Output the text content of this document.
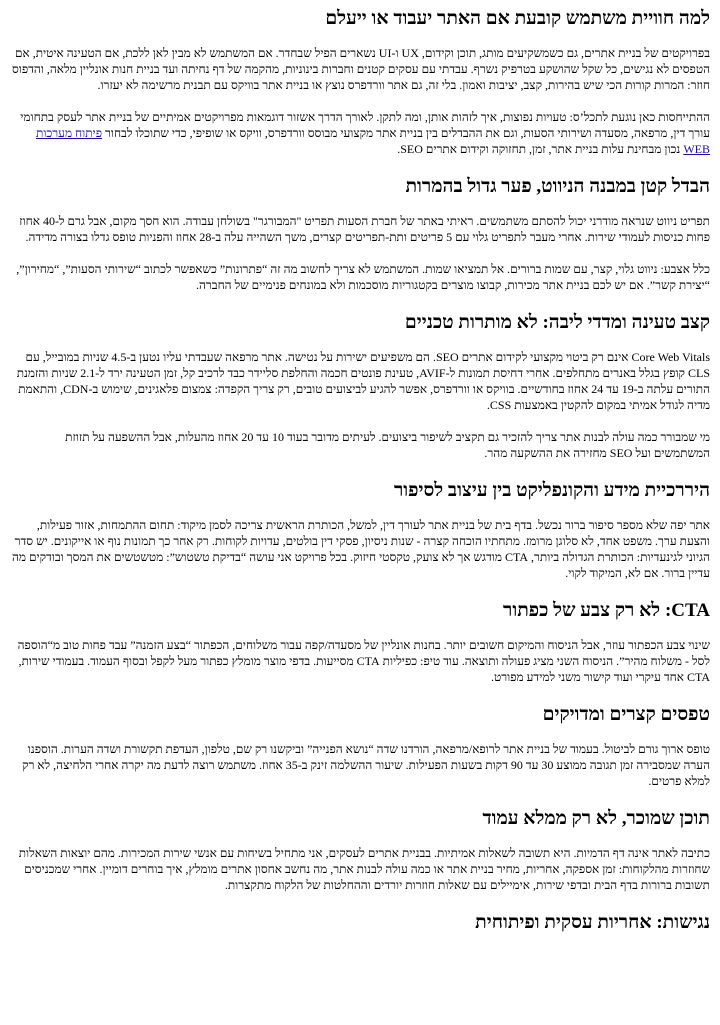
למה חוויית משתמש קובעת אם האתר יעבוד או ייעלם

בפרויקטים של בניית אתרים, גם כשמשקיעים מותג, תוכן וקידום, UX ו-UI נשארים הפיל שבחדר. אם המשתמש לא מבין לאן ללכת, אם הטעינה איטית, אם הטפסים לא נגישים, כל שקל שהושקע בטרפיק נשרף. עבדתי עם עסקים קטנים וחברות בינוניות, מהקמה של דף נחיתה ועד בניית חנות אונליין מלאה, והדפוס חוזר: המרות קורות הכי שיש בהירות, קצב, יציבות ואמון. בלי זה, גם אתר וורדפרס נוצץ או בניית אתר בוויקס עם תבנית מרשימה לא יעזרו.

ההתייחסות כאן נוגעת לתכל’ס: טעויות נפוצות, איך לזהות אותן, ומה לתקן. לאורך הדרך אשזור דוגמאות מפרויקטים אמיתיים של בניית אתר לעסק בתחומי עורך דין, מרפאה, מסעדה ושירותי הסעות, וגם את ההבדלים בין בניית אתר מקצועי מבוסס וורדפרס, וויקס או שופיפי, כדי שתוכלו לבחור פיתוח מערכות WEB נכון מבחינת עלות בניית אתר, זמן, תחזוקה וקידום אתרים SEO.

הבדל קטן במבנה הניווט, פער גדול בהמרות

תפריט ניווט שנראה מודרני יכול להסתם משתמשים. ראיתי באתר של חברת הסעות תפריט "המבורגר" בשולחן עבודה. הוא חסך מקום, אבל גרם ל-40 אחוז פחות כניסות לעמודי שירות. אחרי מעבר לתפריט גלוי עם 5 פריטים ותת-תפריטים קצרים, משך השהייה עלה ב-28 אחוז והפניות טופס גדלו בצורה מדידה.

כלל אצבע: ניווט גלוי, קצר, עם שמות ברורים. אל תמציאו שמות. המשתמש לא צריך לחשוב מה זה “פתרונות” כשאפשר לכתוב “שירותי הסעות”, “מחירון”, “יצירת קשר”. אם יש לכם בניית אתר מכירות, קבוצו מוצרים בקטגוריות מוסכמות ולא במונחים פנימיים של החברה.

קצב טעינה ומדדי ליבה: לא מותרות טכניים

Core Web Vitals אינם רק ביטוי מקצועי לקידום אתרים SEO. הם משפיעים ישירות על נטישה. אתר מרפאה שעבדתי עליו נטען ב-4.5 שניות במובייל, עם CLS קופץ בגלל באנרים מתחלפים. אחרי דחיסת תמונות ל-AVIF, טעינת פונטים חכמה והחלפת סליידר כבד לרכיב קל, זמן הטעינה ירד ל-2.1 שניות והזמנת התורים עלתה ב-19 עד 24 אחוז בחודשיים. בוויקס או וורדפרס, אפשר להגיע לביצועים טובים, רק צריך הקפדה: צמצום פלאגינים, שימוש ב-CDN, והתאמת מדיה לגודל אמיתי במקום להקטין באמצעות CSS.

מי שמבורר כמה עולה לבנות אתר צריך להזכיר גם תקציב לשיפור ביצועים. לעיתים מדובר בעוד 10 עד 20 אחוז מהעלות, אבל ההשפעה על תזוזת המשתמשים ועל SEO מחזירה את ההשקעה מהר.

היררכיית מידע והקונפליקט בין עיצוב לסיפור

אתר יפה שלא מספר סיפור ברור נכשל. בדף בית של בניית אתר לעורך דין, למשל, הכותרת הראשית צריכה לסמן מיקוד: תחום ההתמחות, אזור פעילות, והצעת ערך. משפט אחד, לא סלוגן מרומז. מתחתיו הוכחה קצרה - שנות ניסיון, פסקי דין בולטים, עדויות לקוחות. רק אחר כך תמונות נוף או אייקונים. יש סדר הגיוני לגינעדיות: הכותרת הגדולה ביותר, CTA מודגש אך לא צועק, טקסטי חיזוק. בכל פרויקט אני עושה “בדיקת טשטוש”: מטשטשים את המסך ובודקים מה עדיין ברור. אם לא, המיקוד לקוי.

CTA: לא רק צבע של כפתור

שינוי צבע הכפתור עוזר, אבל הניסוח והמיקום חשובים יותר. בחנות אונליין של מסעדה/קפה עבור משלוחים, הכפתור “בצע הזמנה” עבד פחות טוב מ“הוספה לסל - משלוח מהיר”. הניסוח השני מציג פעולה ותוצאה. עוד טיפ: כפיליות CTA מסייעות. בדפי מוצר מומלץ כפתור מעל לקפל ובסוף העמוד. בעמודי שירות, CTA אחד עיקרי ועוד קישור משני למידע מפורט.

טפסים קצרים ומדויקים

טופס ארוך גורם לביטול. בעמוד של בניית אתר לרופא/מרפאה, הורדנו שדה “נושא הפנייה” וביקשנו רק שם, טלפון, העדפת תקשורת ושדה הערות. הוספנו הערה שמסבירה זמן תגובה ממוצע 30 עד 90 דקות בשעות הפעילות. שיעור ההשלמה זינק ב-35 אחוז. משתמש רוצה לדעת מה יקרה אחרי הלחיצה, לא רק למלא פרטים.

תוכן שמוכר, לא רק ממלא עמוד

כתיבה לאתר אינה דף הדמיות. היא תשובה לשאלות אמיתיות. בבניית אתרים לעסקים, אני מתחיל בשיחות עם אנשי שירות המכירות. מהם יוצאות השאלות שחוזרות מהלקוחות: זמן אספקה, אחריות, מחיר בניית אתר או כמה עולה לבנות אתר, מה נחשב אחסון אתרים מומלץ, איך בוחרים דומיין. אחרי שמכניסים תשובות ברורות בדף הבית ובדפי שירות, אימיילים עם שאלות חוזרות יורדים וההחלטות של הלקוח מתקצרות.

נגישות: אחריות עסקית ופיתוחית
